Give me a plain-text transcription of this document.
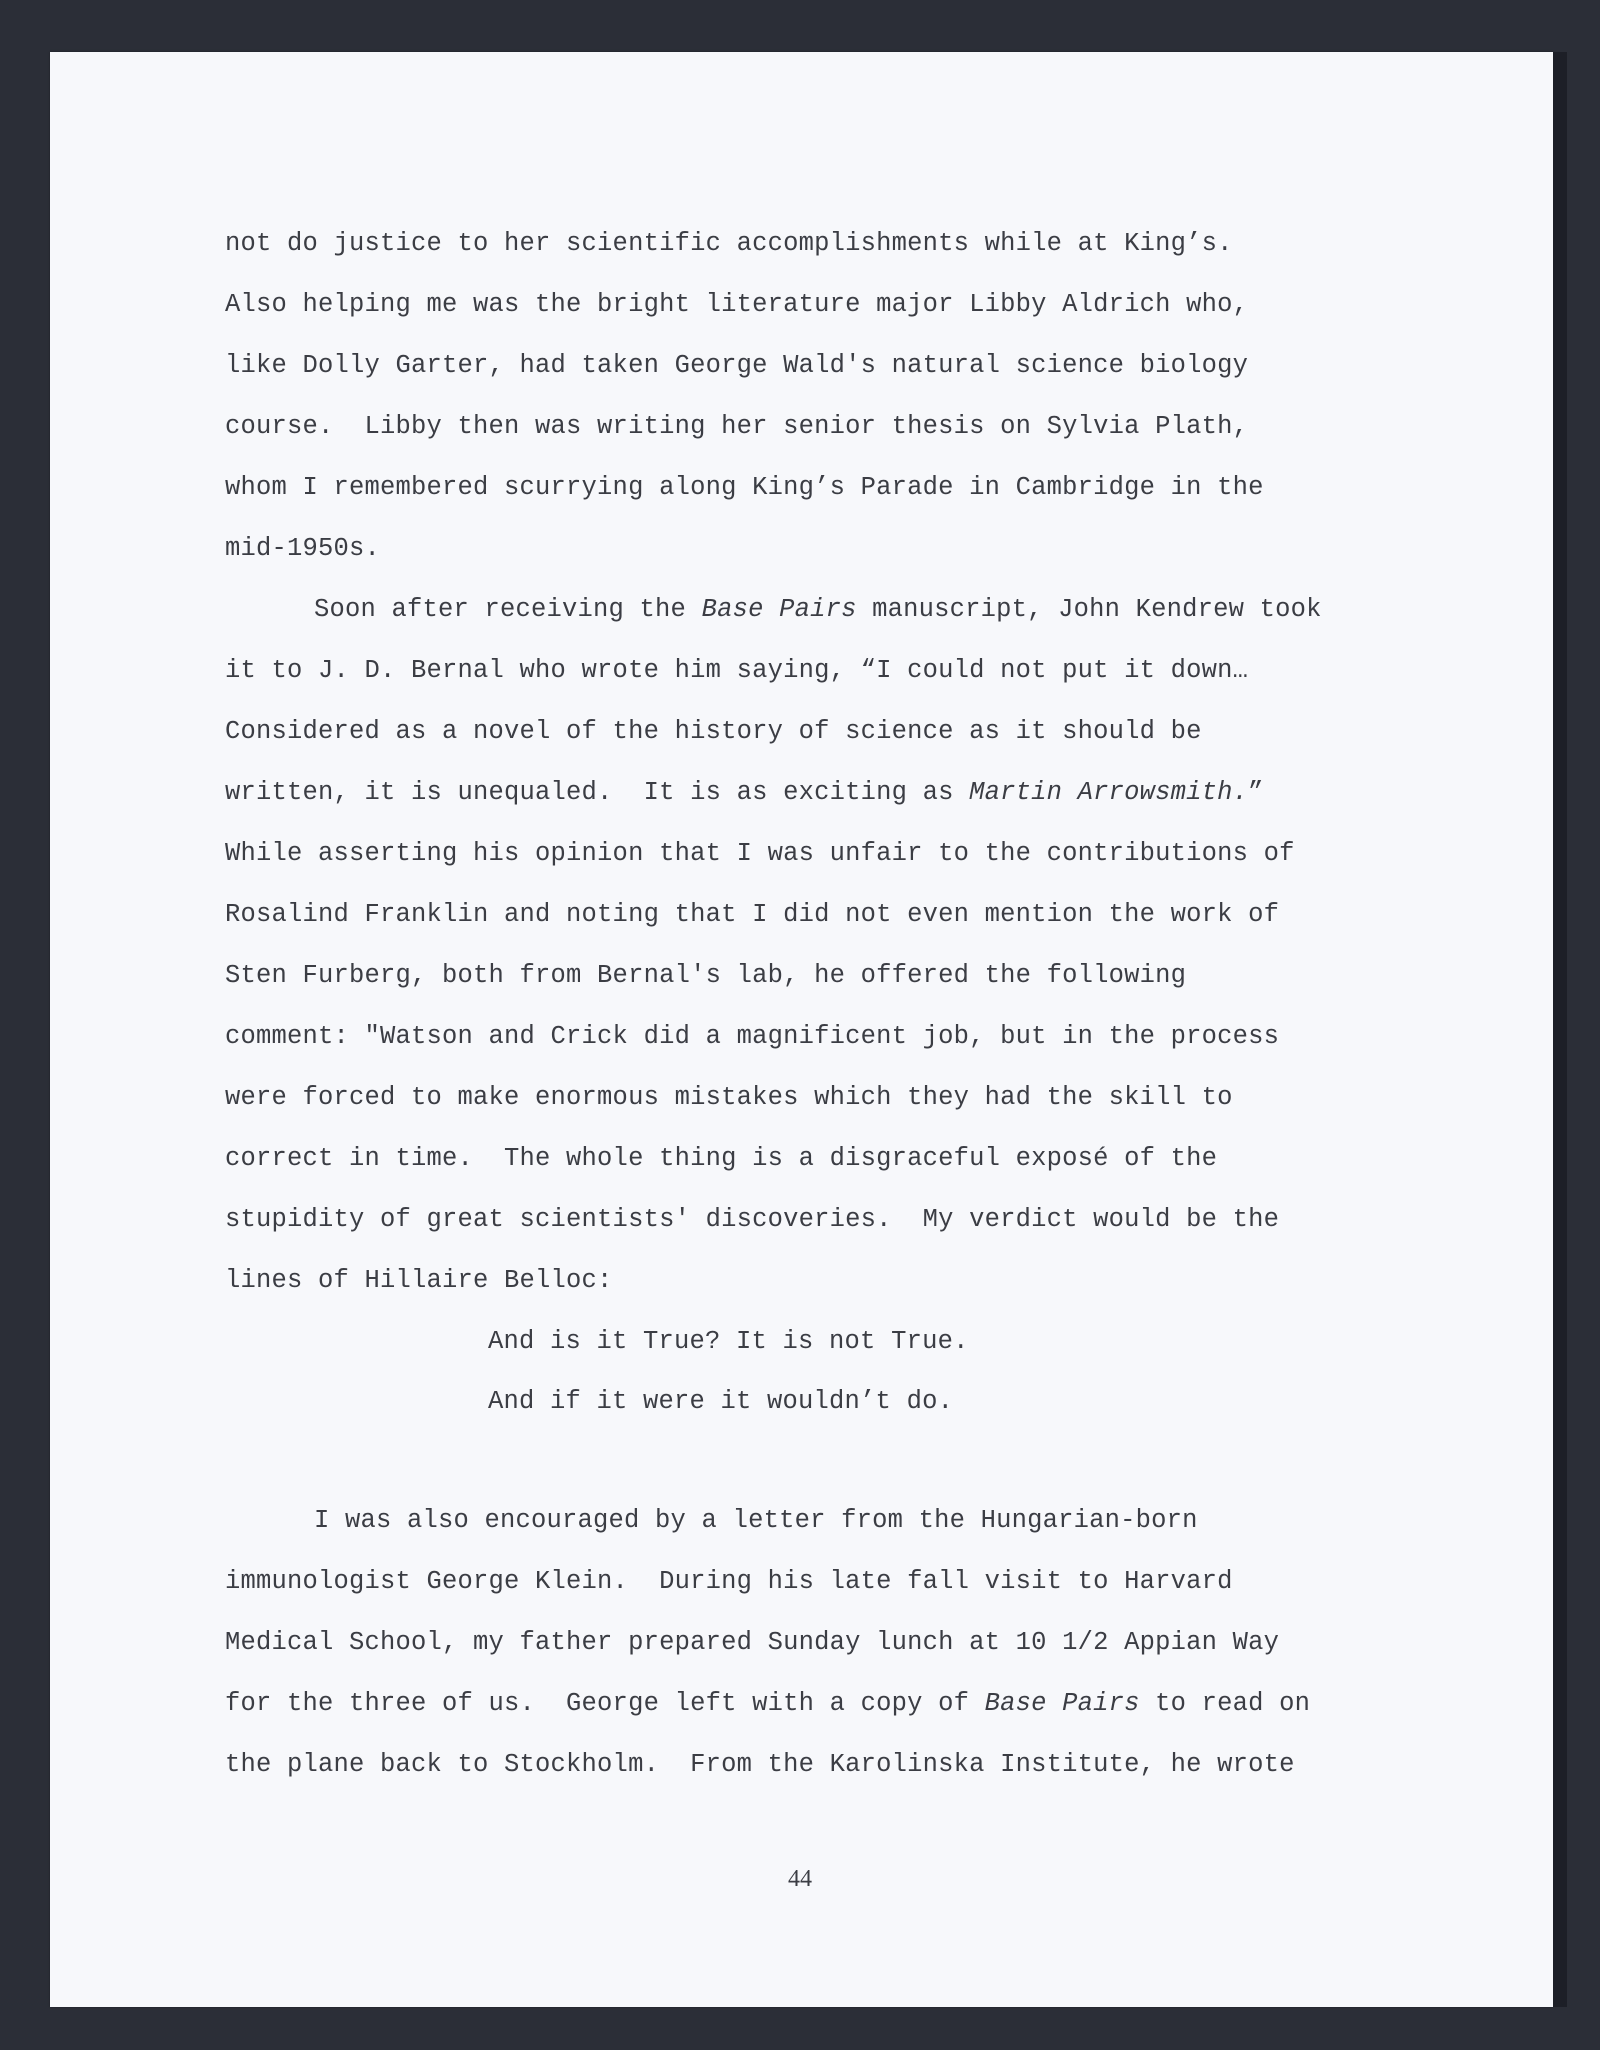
not do justice to her scientific accomplishments while at King’s.
Also helping me was the bright literature major Libby Aldrich who,
like Dolly Garter, had taken George Wald's natural science biology
course.  Libby then was writing her senior thesis on Sylvia Plath,
whom I remembered scurrying along King’s Parade in Cambridge in the
mid-1950s.
Soon after receiving the Base Pairs manuscript, John Kendrew took
it to J. D. Bernal who wrote him saying, “I could not put it down…
Considered as a novel of the history of science as it should be
written, it is unequaled.  It is as exciting as Martin Arrowsmith.”
While asserting his opinion that I was unfair to the contributions of
Rosalind Franklin and noting that I did not even mention the work of
Sten Furberg, both from Bernal's lab, he offered the following
comment: "Watson and Crick did a magnificent job, but in the process
were forced to make enormous mistakes which they had the skill to
correct in time.  The whole thing is a disgraceful exposé of the
stupidity of great scientists' discoveries.  My verdict would be the
lines of Hillaire Belloc:
And is it True? It is not True.
And if it were it wouldn’t do.
I was also encouraged by a letter from the Hungarian-born
immunologist George Klein.  During his late fall visit to Harvard
Medical School, my father prepared Sunday lunch at 10 1/2 Appian Way
for the three of us.  George left with a copy of Base Pairs to read on
the plane back to Stockholm.  From the Karolinska Institute, he wrote
44
